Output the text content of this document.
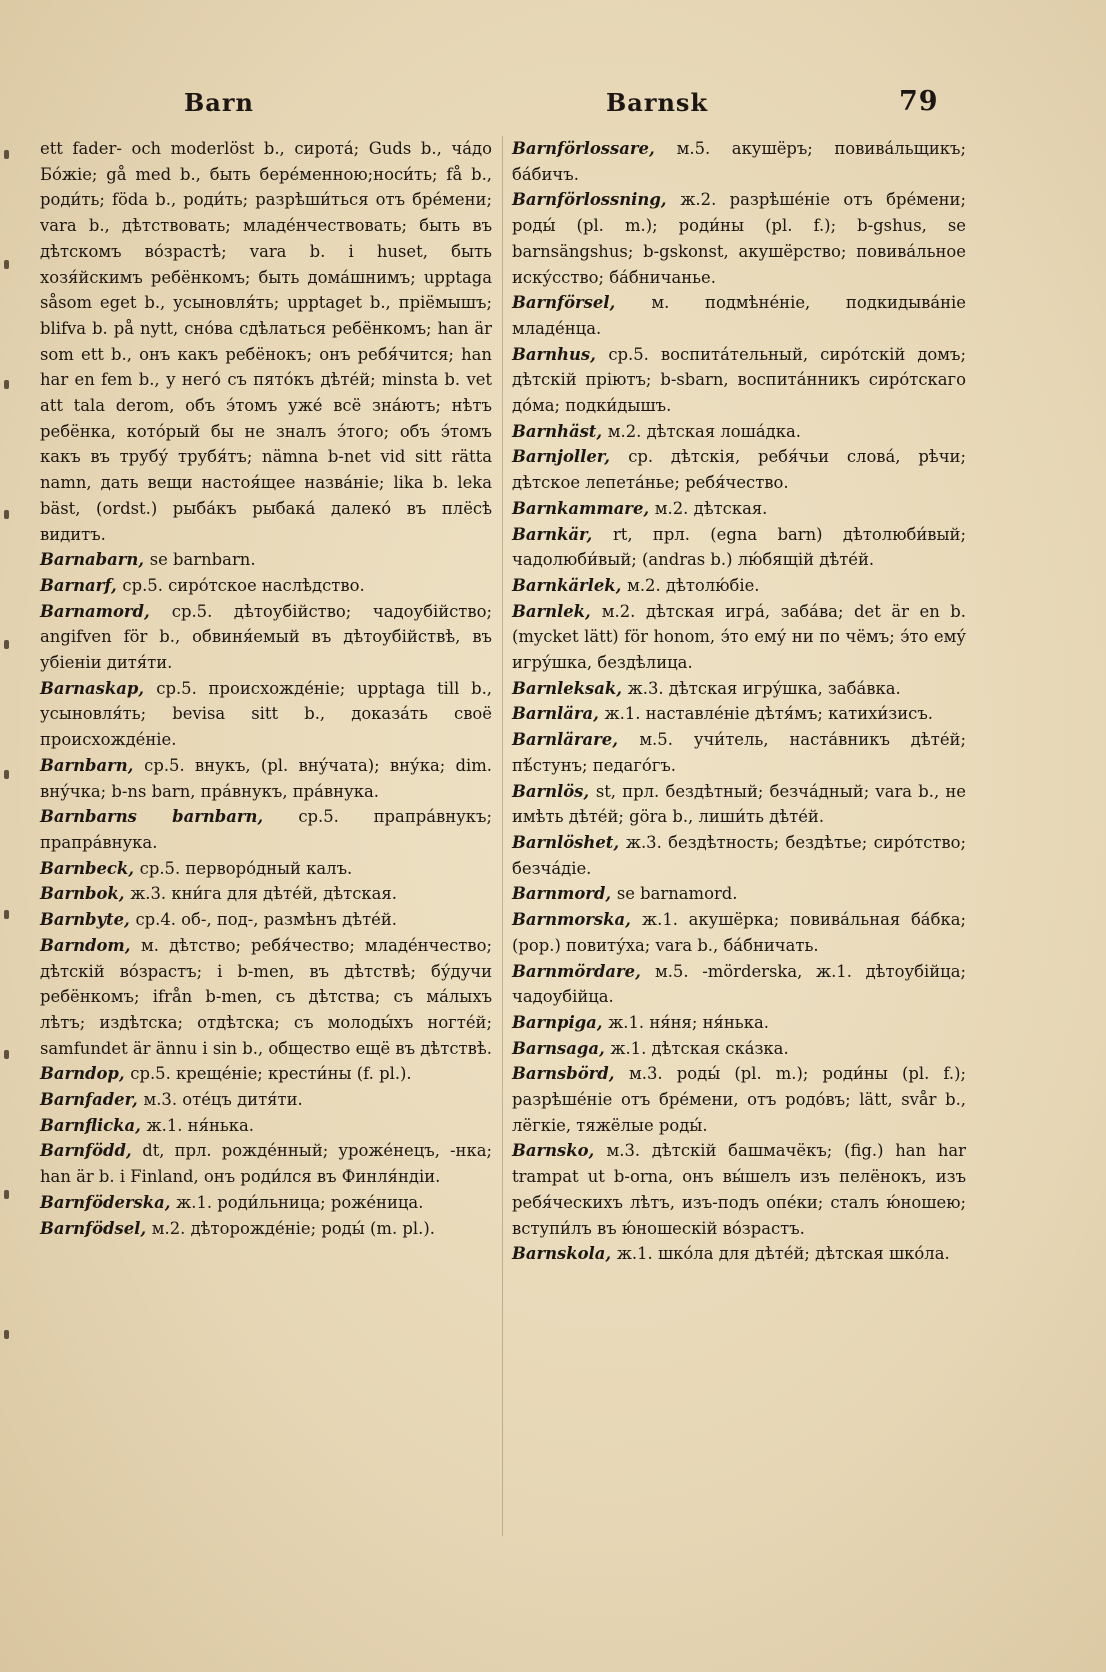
Barn	Barnsk	79
ett fader- och moderlöst b., сирота́; Guds b., ча́до Бо́жіе; gå med b., быть бере́менною;носи́ть; få b., роди́ть; föda b., роди́ть; разрѣши́ться отъ бре́мени; vara b., дѣтствовать; младе́нчествовать; быть въ дѣтскомъ во́зрастѣ; vara b. i huset, быть хозя́йскимъ ребёнкомъ; быть дома́шнимъ; upptaga såsom eget b., усыновля́ть; upptaget b., пріёмышъ; blifva b. på nytt, сно́ва сдѣлаться ребёнкомъ; han är som ett b., онъ какъ ребёнокъ; онъ ребя́чится; han har en fem b., у него́ съ пято́къ дѣте́й; minsta b. vet att tala derom, объ э́томъ уже́ всё зна́ютъ; нѣтъ ребёнка, кото́рый бы не зналъ э́того; объ э́томъ какъ въ трубу́ трубя́тъ; nämna b-net vid sitt rätta namn, дать вещи настоя́щее назва́ніе; lika b. leka bäst, (ordst.) рыба́къ рыбака́ далеко́ въ плёсѣ видитъ.
Barnabarn, se barnbarn.
Barnarf, ср.5. сиро́тское наслѣдство.
Barnamord, ср.5. дѣтоубійство; чадоубійство; angifven för b., обвиня́емый въ дѣтоубійствѣ, въ убіеніи дитя́ти.
Barnaskap, ср.5. происхожде́ніе; upptaga till b., усыновля́ть; bevisa sitt b., доказа́ть своё происхожде́ніе.
Barnbarn, ср.5. внукъ, (pl. вну́чата); вну́ка; dim. вну́чка; b-ns barn, пра́внукъ, пра́внука.
Barnbarns barnbarn, ср.5. прапра́внукъ; прапра́внука.
Barnbeck, ср.5. первоpо́дный калъ.
Barnbok, ж.3. кни́га для дѣте́й, дѣтская.
Barnbyte, ср.4. об-, под-, размѣнъ дѣте́й.
Barndom, м. дѣтство; ребя́чество; младе́нчество; дѣтскій во́зрастъ; i b-men, въ дѣтствѣ; бу́дучи ребёнкомъ; ifrån b-men, съ дѣтства; съ ма́лыхъ лѣтъ; издѣтска; отдѣтска; съ молоды́хъ ногте́й; samfundet är ännu i sin b., общество ещё въ дѣтствѣ.
Barndop, ср.5. креще́ніе; крести́ны (f. pl.).
Barnfader, м.3. оте́цъ дитя́ти.
Barnflicka, ж.1. ня́нька.
Barnfödd, dt, прл. рожде́нный; уроже́нецъ, -нка; han är b. i Finland, онъ роди́лся въ Финля́ндіи.
Barnföderska, ж.1. роди́льница; роже́ница.
Barnfödsel, м.2. дѣторожде́ніе; роды́ (m. pl.).
Barnförlossare, м.5. акушёръ; повива́льщикъ; ба́бичъ.
Barnförlossning, ж.2. разрѣше́ніе отъ бре́мени; роды́ (pl. m.); роди́ны (pl. f.); b-gshus, se barnsängshus; b-gskonst, акушёрство; повива́льное иску́сство; ба́бничанье.
Barnförsel, м. подмѣне́ніе, подкидыва́ніе младе́нца.
Barnhus, ср.5. воспита́тельный, сиро́тскій домъ; дѣтскій пріютъ; b-sbarn, воспита́нникъ сиро́тскаго до́ма; подки́дышъ.
Barnhäst, м.2. дѣтская лоша́дка.
Barnjoller, ср. дѣтскія, ребя́чьи слова́, рѣчи; дѣтское лепета́нье; ребя́чество.
Barnkammare, м.2. дѣтская.
Barnkär, rt, прл. (egna barn) дѣтолюби́вый; чадолюби́вый; (andras b.) лю́бящій дѣте́й.
Barnkärlek, м.2. дѣтолю́біе.
Barnlek, м.2. дѣтская игра́, заба́ва; det är en b. (mycket lätt) för honom, э́то ему́ ни по чёмъ; э́то ему́ игру́шка, бездѣлица.
Barnleksak, ж.3. дѣтская игру́шка, заба́вка.
Barnlära, ж.1. наставле́ніе дѣтя́мъ; катихи́зисъ.
Barnlärare, м.5. учи́тель, наста́вникъ дѣте́й; пѣ́стунъ; педаго́гъ.
Barnlös, st, прл. бездѣтный; безча́дный; vara b., не имѣть дѣте́й; göra b., лиши́ть дѣте́й.
Barnlöshet, ж.3. бездѣтность; бездѣтье; сиро́тство; безча́діе.
Barnmord, se barnamord.
Barnmorska, ж.1. акушёрка; повива́льная ба́бка; (pop.) повиту́ха; vara b., ба́бничать.
Barnmördare, м.5. -mörderska, ж.1. дѣтоубійца; чадоубійца.
Barnpiga, ж.1. ня́ня; ня́нька.
Barnsaga, ж.1. дѣтская ска́зка.
Barnsbörd, м.3. роды́ (pl. m.); роди́ны (pl. f.); разрѣше́ніе отъ бре́мени, отъ родо́въ; lätt, svår b., лёгкіе, тяжёлые роды́.
Barnsko, м.3. дѣтскій башмачёкъ; (fig.) han har trampat ut b-orna, онъ вы́шелъ изъ пелёнокъ, изъ ребя́ческихъ лѣтъ, изъ-подъ опе́ки; сталъ ю́ношею; вступи́лъ въ ю́ношескій во́зрастъ.
Barnskola, ж.1. шко́ла для дѣте́й; дѣтская шко́ла.
